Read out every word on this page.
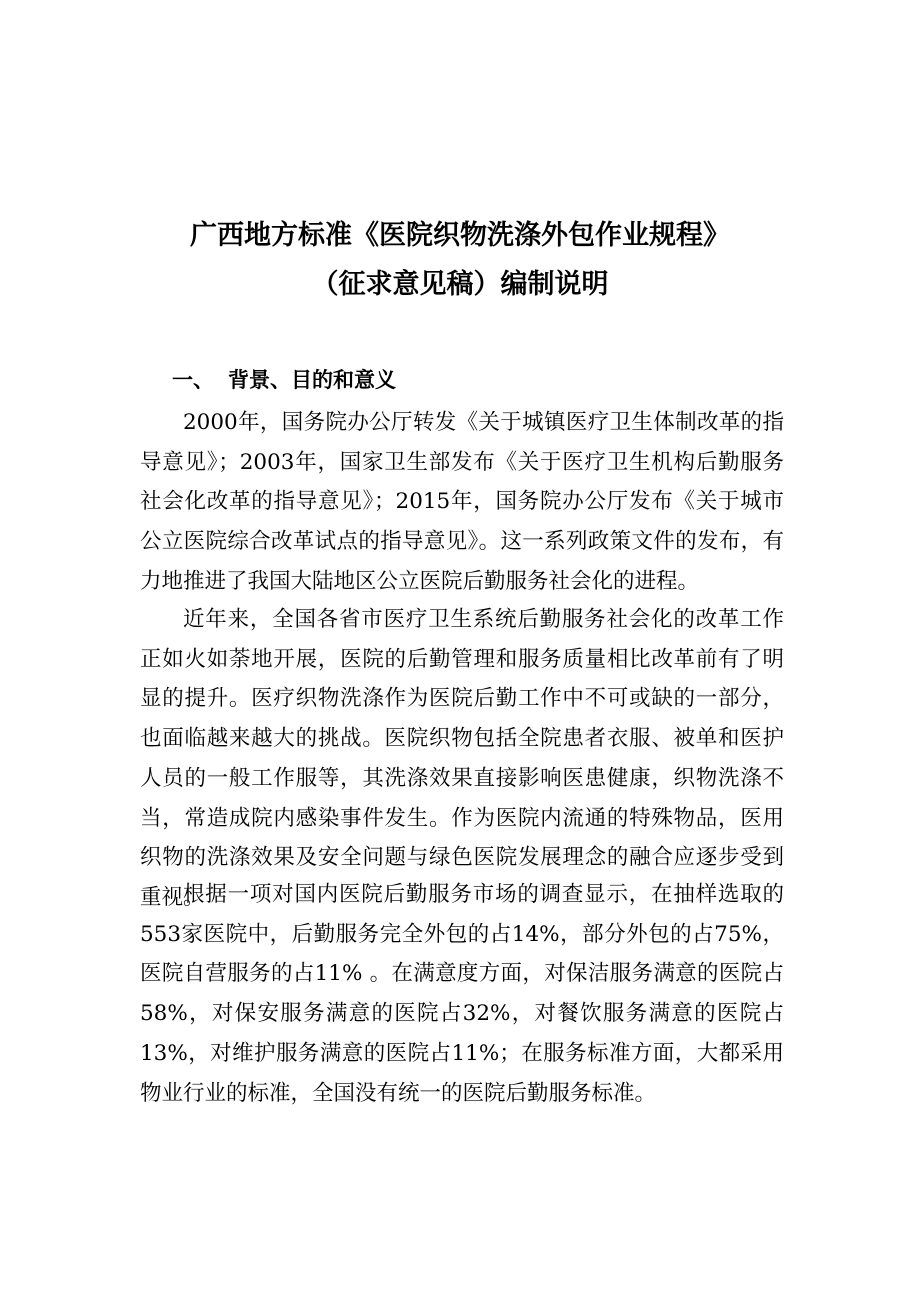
广西地方标准《医院织物洗涤外包作业规程》
（征求意见稿）编制说明
一、 背景、目的和意义

2000年，国务院办公厅转发《关于城镇医疗卫生体制改革的指导意见》；2003年，国家卫生部发布《关于医疗卫生机构后勤服务社会化改革的指导意见》；2015年，国务院办公厅发布《关于城市公立医院综合改革试点的指导意见》。这一系列政策文件的发布，有力地推进了我国大陆地区公立医院后勤服务社会化的进程。

近年来，全国各省市医疗卫生系统后勤服务社会化的改革工作正如火如荼地开展，医院的后勤管理和服务质量相比改革前有了明显的提升。医疗织物洗涤作为医院后勤工作中不可或缺的一部分，也面临越来越大的挑战。医院织物包括全院患者衣服、被单和医护人员的一般工作服等，其洗涤效果直接影响医患健康，织物洗涤不当，常造成院内感染事件发生。作为医院内流通的特殊物品，医用织物的洗涤效果及安全问题与绿色医院发展理念的融合应逐步受到重视。

根据一项对国内医院后勤服务市场的调查显示，在抽样选取的553家医院中，后勤服务完全外包的占14%，部分外包的占75%，医院自营服务的占11% 。在满意度方面，对保洁服务满意的医院占58%，对保安服务满意的医院占32%，对餐饮服务满意的医院占13%，对维护服务满意的医院占11%；在服务标准方面，大都采用物业行业的标准，全国没有统一的医院后勤服务标准。
